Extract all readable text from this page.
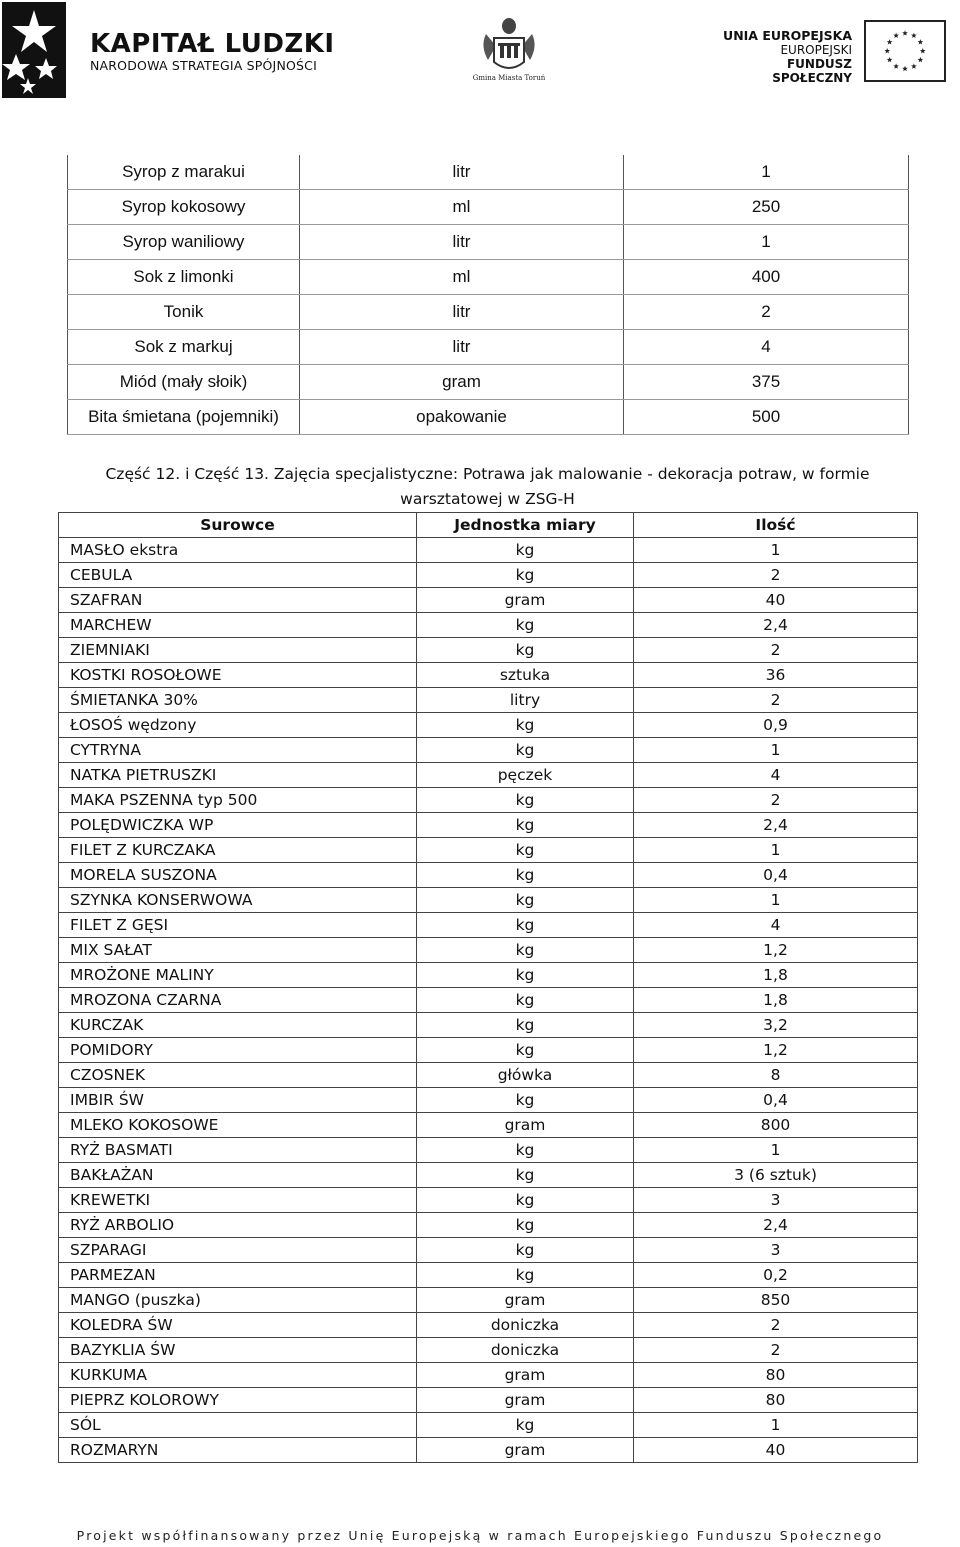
KAPITAŁ LUDZKI
NARODOWA STRATEGIA SPÓJNOŚCI
Gmina Miasta Toruń
UNIA EUROPEJSKA
EUROPEJSKI
FUNDUSZ SPOŁECZNY
Syrop z marakui	litr	1
Syrop kokosowy	ml	250
Syrop waniliowy	litr	1
Sok z limonki	ml	400
Tonik	litr	2
Sok z markuj	litr	4
Miód (mały słoik)	gram	375
Bita śmietana (pojemniki)	opakowanie	500
Część 12. i Część 13. Zajęcia specjalistyczne: Potrawa jak malowanie - dekoracja potraw, w formie warsztatowej w ZSG-H
Surowce	Jednostka miary	Ilość
MASŁO ekstra	kg	1
CEBULA	kg	2
SZAFRAN	gram	40
MARCHEW	kg	2,4
ZIEMNIAKI	kg	2
KOSTKI ROSOŁOWE	sztuka	36
ŚMIETANKA 30%	litry	2
ŁOSOŚ wędzony	kg	0,9
CYTRYNA	kg	1
NATKA PIETRUSZKI	pęczek	4
MAKA PSZENNA typ 500	kg	2
POLĘDWICZKA WP	kg	2,4
FILET Z KURCZAKA	kg	1
MORELA SUSZONA	kg	0,4
SZYNKA KONSERWOWA	kg	1
FILET Z GĘSI	kg	4
MIX SAŁAT	kg	1,2
MROŻONE MALINY	kg	1,8
MROZONA CZARNA	kg	1,8
KURCZAK	kg	3,2
POMIDORY	kg	1,2
CZOSNEK	główka	8
IMBIR ŚW	kg	0,4
MLEKO KOKOSOWE	gram	800
RYŻ BASMATI	kg	1
BAKŁAŻAN	kg	3 (6 sztuk)
KREWETKI	kg	3
RYŻ ARBOLIO	kg	2,4
SZPARAGI	kg	3
PARMEZAN	kg	0,2
MANGO (puszka)	gram	850
KOLEDRA ŚW	doniczka	2
BAZYKLIA ŚW	doniczka	2
KURKUMA	gram	80
PIEPRZ KOLOROWY	gram	80
SÓL	kg	1
ROZMARYN	gram	40
Projekt współfinansowany przez Unię Europejską w ramach Europejskiego Funduszu Społecznego
